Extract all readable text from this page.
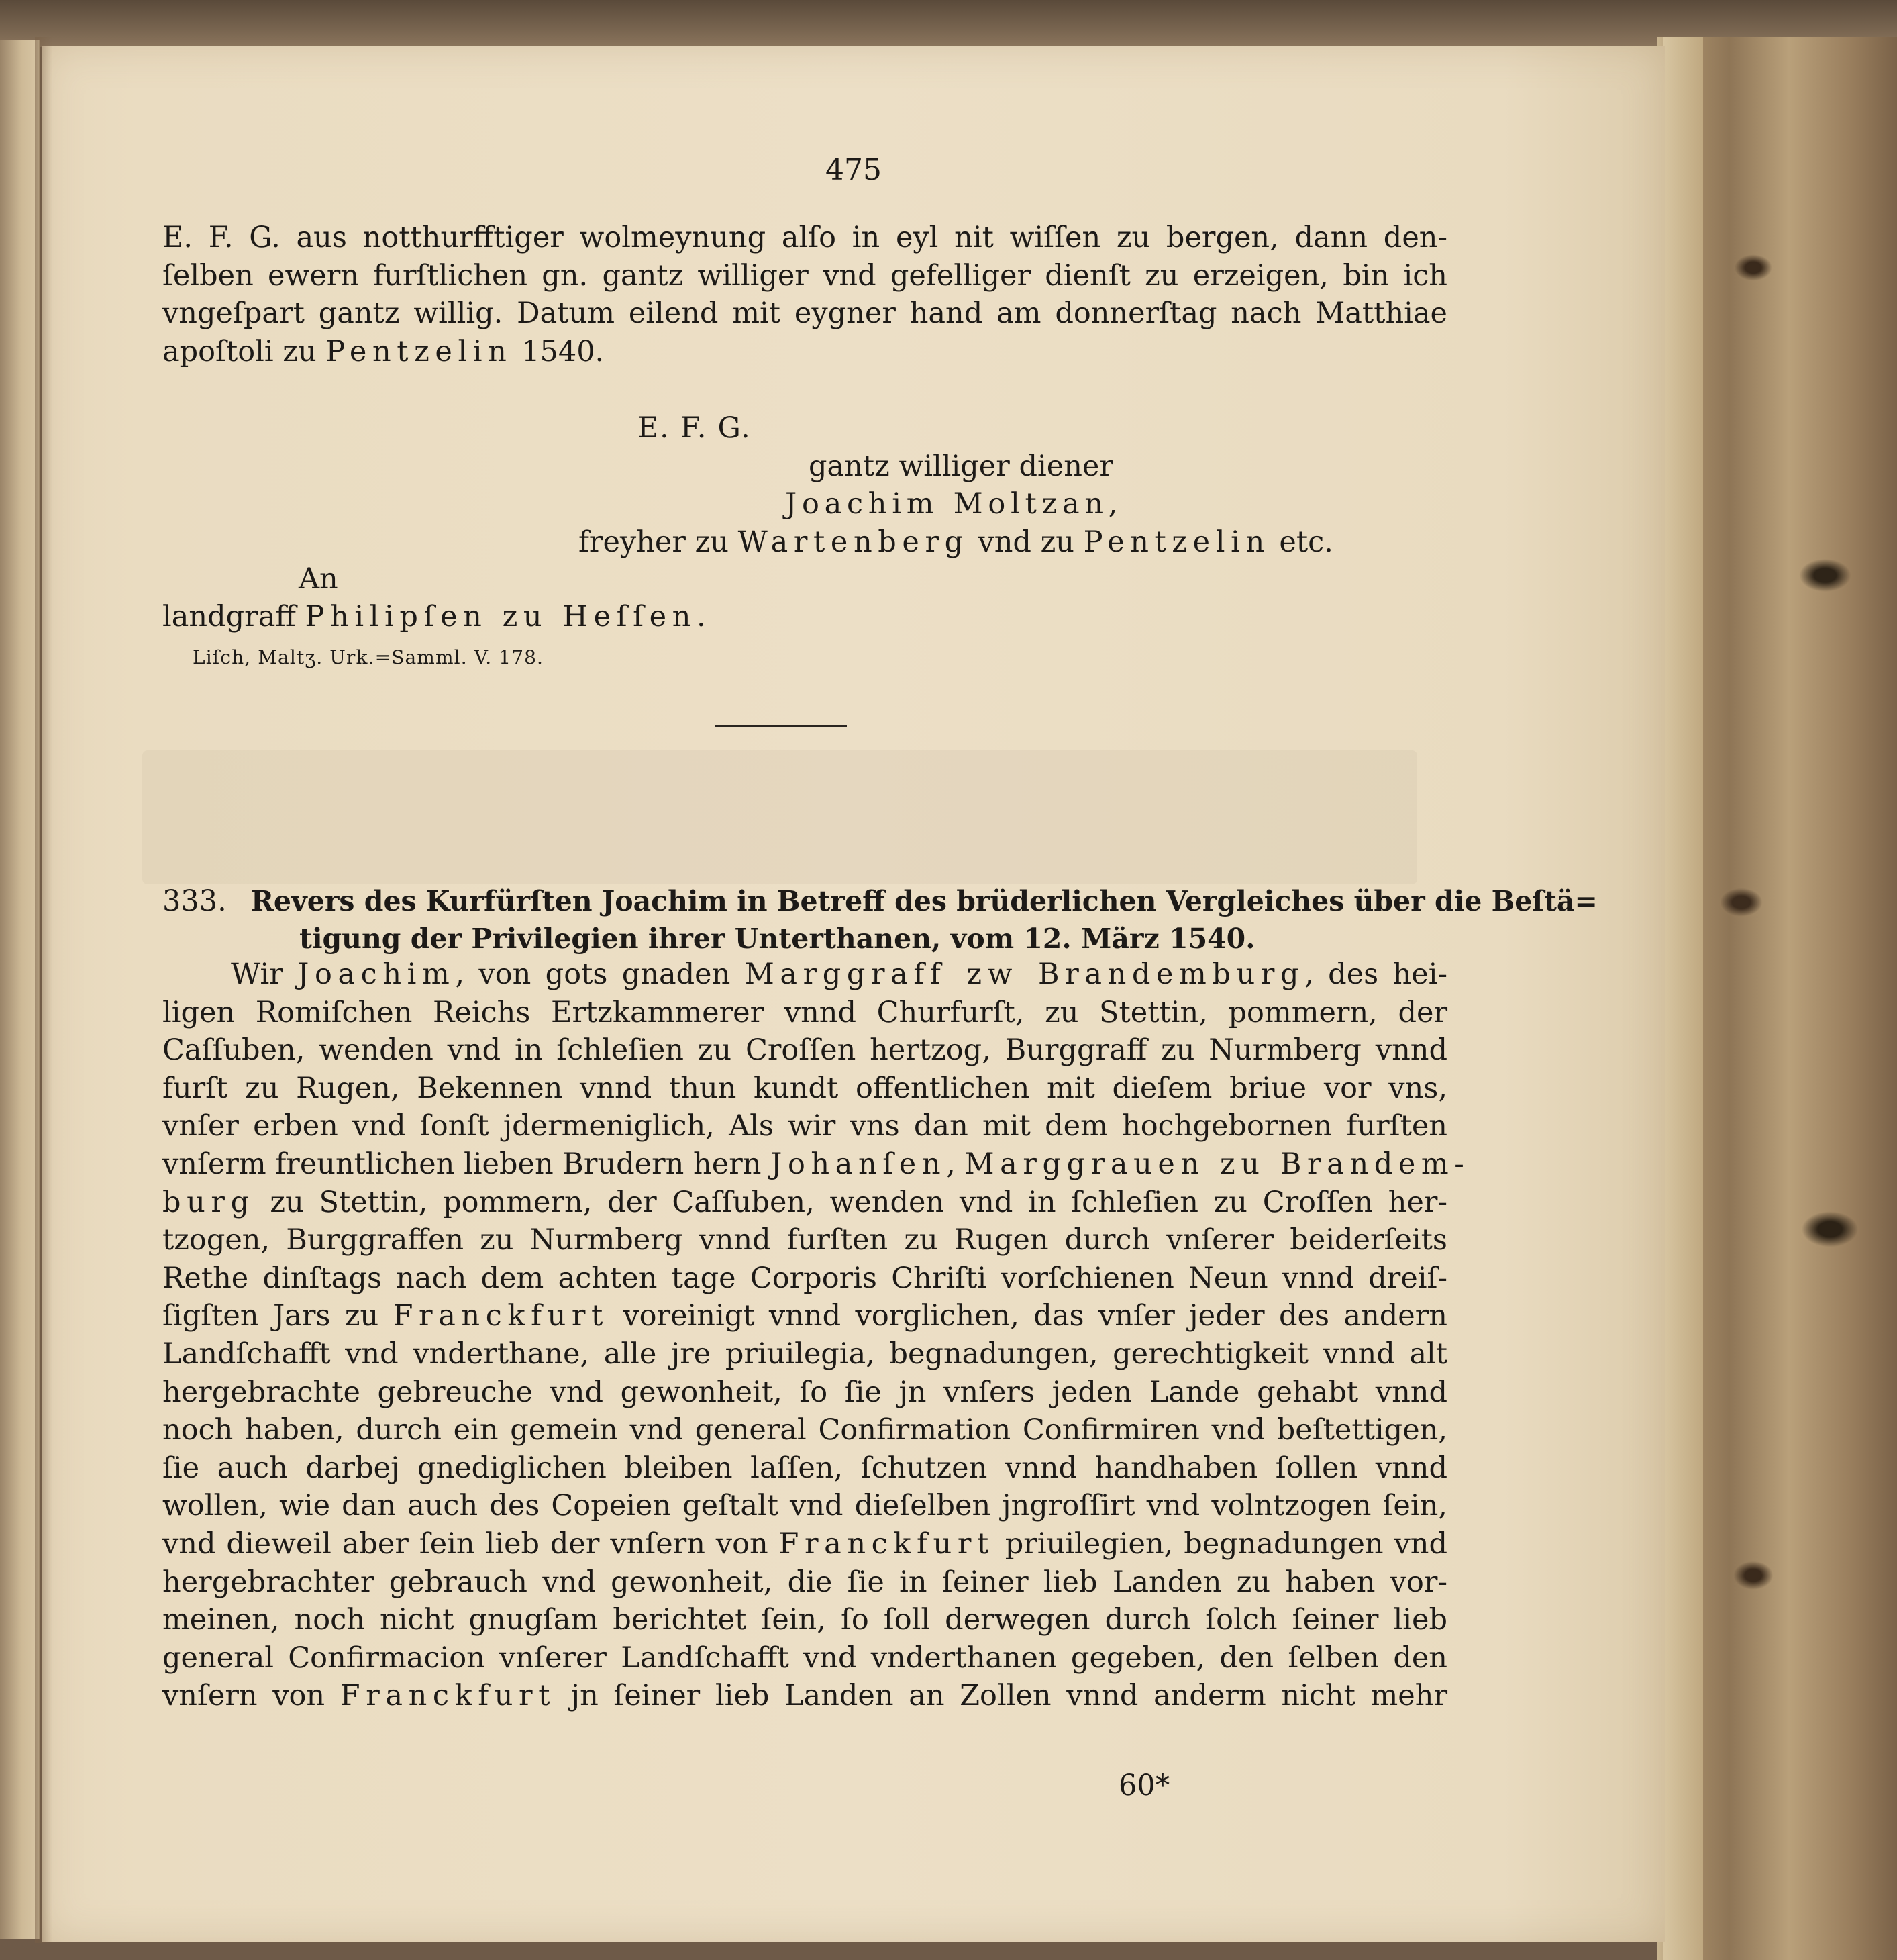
475
E. F. G. aus notthurfftiger wolmeynung alſo in eyl nit wiſſen zu bergen, dann den-
ſelben ewern furſtlichen gn. gantz williger vnd gefelliger dienſt zu erzeigen, bin ich
vngeſpart gantz willig. Datum eilend mit eygner hand am donnerſtag nach Matthiae
apoſtoli zu Pentzelin 1540.
E. F. G.
gantz williger diener
Joachim Moltzan,
freyher zu Wartenberg vnd zu Pentzelin etc.
An
landgraff Philipſen zu Heſſen.
Liſch, Maltʒ. Urk.=Samml. V. 178.
333. Revers des Kurfürſten Joachim in Betreff des brüderlichen Vergleiches über die Beſtä=
tigung der Privilegien ihrer Unterthanen, vom 12. März 1540.
Wir Joachim, von gots gnaden Marggraff zw Brandemburg, des hei-
ligen Romiſchen Reichs Ertzkammerer vnnd Churfurſt, zu Stettin, pommern, der
Caſſuben, wenden vnd in ſchleſien zu Croſſen hertzog, Burggraff zu Nurmberg vnnd
furſt zu Rugen, Bekennen vnnd thun kundt offentlichen mit dieſem briue vor vns,
vnſer erben vnd ſonſt jdermeniglich, Als wir vns dan mit dem hochgebornen furſten
vnſerm freuntlichen lieben Brudern hern Johanſen, Marggrauen zu Brandem-
burg zu Stettin, pommern, der Caſſuben, wenden vnd in ſchleſien zu Croſſen her-
tzogen, Burggraffen zu Nurmberg vnnd furſten zu Rugen durch vnſerer beiderſeits
Rethe dinſtags nach dem achten tage Corporis Chriſti vorſchienen Neun vnnd dreiſ-
ſigſten Jars zu Franckfurt voreinigt vnnd vorglichen, das vnſer jeder des andern
Landſchafft vnd vnderthane, alle jre priuilegia, begnadungen, gerechtigkeit vnnd alt
hergebrachte gebreuche vnd gewonheit, ſo ſie jn vnſers jeden Lande gehabt vnnd
noch haben, durch ein gemein vnd general Confirmation Confirmiren vnd beſtettigen,
ſie auch darbej gnediglichen bleiben laſſen, ſchutzen vnnd handhaben ſollen vnnd
wollen, wie dan auch des Copeien geſtalt vnd dieſelben jngroſſirt vnd volntzogen ſein,
vnd dieweil aber ſein lieb der vnſern von Franckfurt priuilegien, begnadungen vnd
hergebrachter gebrauch vnd gewonheit, die ſie in ſeiner lieb Landen zu haben vor-
meinen, noch nicht gnugſam berichtet ſein, ſo ſoll derwegen durch ſolch ſeiner lieb
general Confirmacion vnſerer Landſchafft vnd vnderthanen gegeben, den ſelben den
vnſern von Franckfurt jn ſeiner lieb Landen an Zollen vnnd anderm nicht mehr
60*
